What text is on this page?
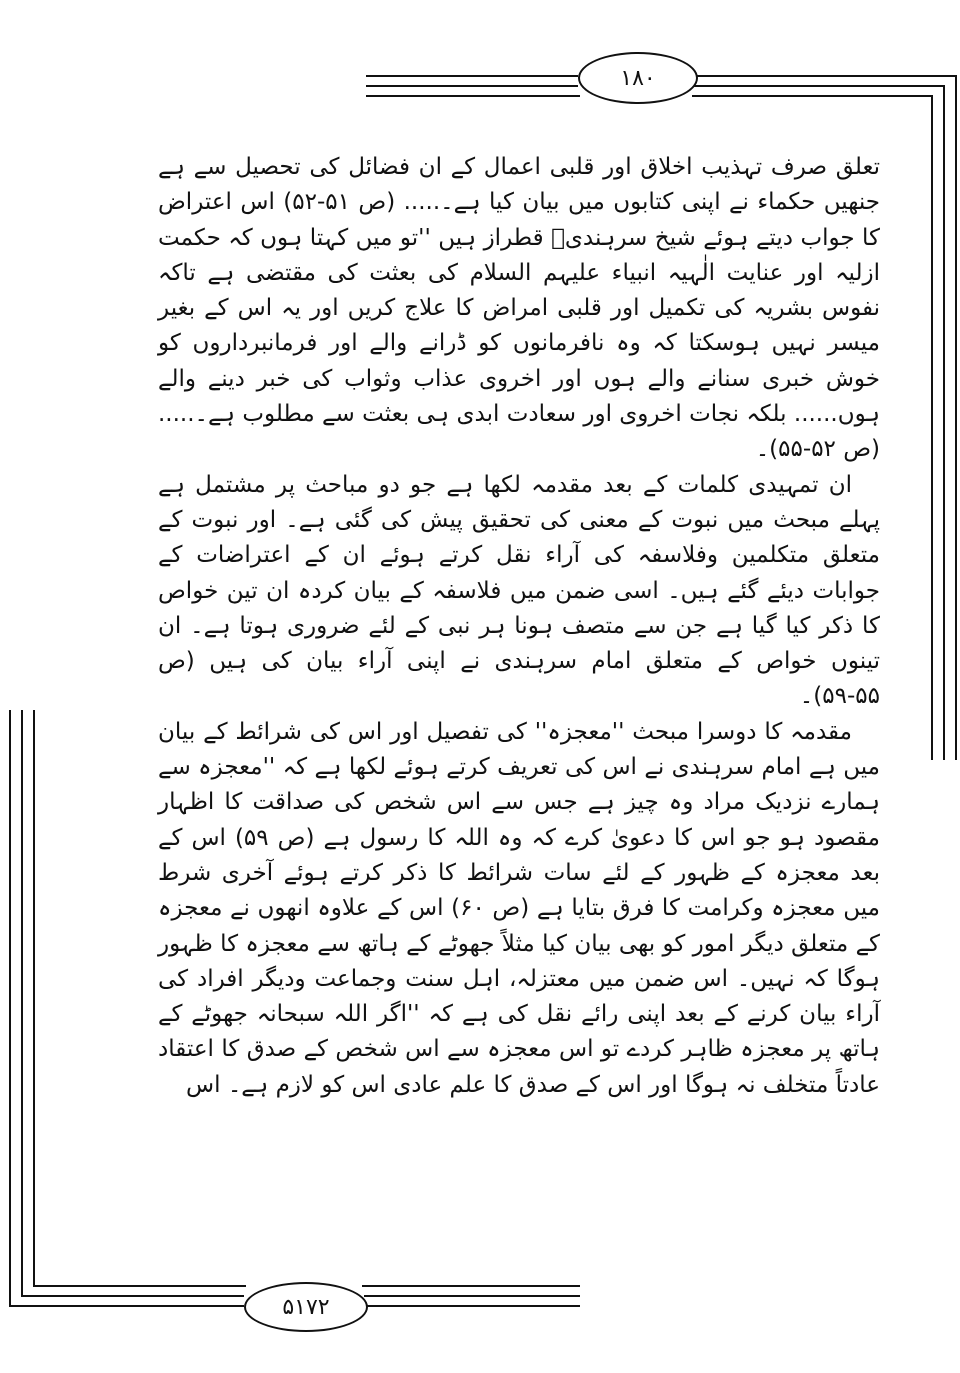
۱۸۰

تعلق صرف تہذیب اخلاق اور قلبی اعمال کے ان فضائل کی تحصیل سے ہے جنھیں حکماء نے اپنی کتابوں میں بیان کیا ہے۔..... (ص ۵۱-۵۲) اس اعتراض کا جواب دیتے ہوئے شیخ سرہندیؒ قطراز ہیں ''تو میں کہتا ہوں کہ حکمت ازلیہ اور عنایت الٰہیہ انبیاء علیہم السلام کی بعثت کی مقتضی ہے تاکہ نفوس بشریہ کی تکمیل اور قلبی امراض کا علاج کریں اور یہ اس کے بغیر میسر نہیں ہوسکتا کہ وہ نافرمانوں کو ڈرانے والے اور فرمانبرداروں کو خوش خبری سنانے والے ہوں اور اخروی عذاب وثواب کی خبر دینے والے ہوں...... بلکہ نجات اخروی اور سعادت ابدی ہی بعثت سے مطلوب ہے۔..... (ص ۵۲-۵۵)۔

ان تمہیدی کلمات کے بعد مقدمہ لکھا ہے جو دو مباحث پر مشتمل ہے پہلے مبحث میں نبوت کے معنی کی تحقیق پیش کی گئی ہے۔ اور نبوت کے متعلق متکلمین وفلاسفہ کی آراء نقل کرتے ہوئے ان کے اعتراضات کے جوابات دیئے گئے ہیں۔ اسی ضمن میں فلاسفہ کے بیان کردہ ان تین خواص کا ذکر کیا گیا ہے جن سے متصف ہونا ہر نبی کے لئے ضروری ہوتا ہے۔ ان تینوں خواص کے متعلق امام سرہندی نے اپنی آراء بیان کی ہیں (ص ۵۵-۵۹)۔

مقدمہ کا دوسرا مبحث ''معجزہ'' کی تفصیل اور اس کی شرائط کے بیان میں ہے امام سرہندی نے اس کی تعریف کرتے ہوئے لکھا ہے کہ ''معجزہ سے ہمارے نزدیک مراد وہ چیز ہے جس سے اس شخص کی صداقت کا اظہار مقصود ہو جو اس کا دعویٰ کرے کہ وہ اللہ کا رسول ہے (ص ۵۹) اس کے بعد معجزہ کے ظہور کے لئے سات شرائط کا ذکر کرتے ہوئے آخری شرط میں معجزہ وکرامت کا فرق بتایا ہے (ص ۶۰) اس کے علاوہ انھوں نے معجزہ کے متعلق دیگر امور کو بھی بیان کیا مثلاً جھوٹے کے ہاتھ سے معجزہ کا ظہور ہوگا کہ نہیں۔ اس ضمن میں معتزلہ، اہل سنت وجماعت ودیگر افراد کی آراء بیان کرنے کے بعد اپنی رائے نقل کی ہے کہ ''اگر اللہ سبحانہ جھوٹے کے ہاتھ پر معجزہ ظاہر کردے تو اس معجزہ سے اس شخص کے صدق کا اعتقاد عادتاً متخلف نہ ہوگا اور اس کے صدق کا علم عادی اس کو لازم ہے۔ اس

۵۱۷۲
